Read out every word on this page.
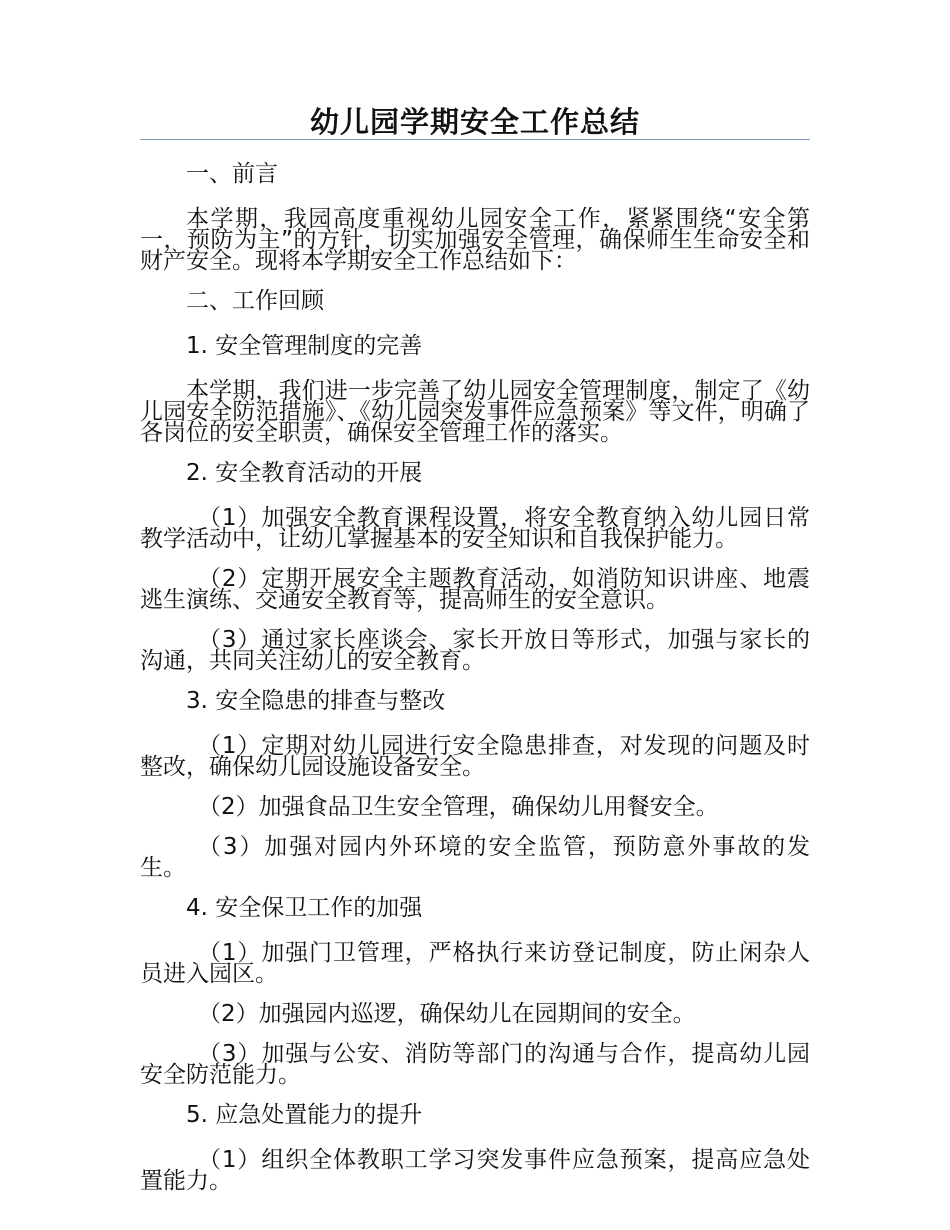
幼儿园学期安全工作总结

一、前言

本学期，我园高度重视幼儿园安全工作，紧紧围绕“安全第一，预防为主”的方针，切实加强安全管理，确保师生生命安全和财产安全。现将本学期安全工作总结如下：

二、工作回顾

1. 安全管理制度的完善

本学期，我们进一步完善了幼儿园安全管理制度，制定了《幼儿园安全防范措施》、《幼儿园突发事件应急预案》等文件，明确了各岗位的安全职责，确保安全管理工作的落实。

2. 安全教育活动的开展

（1）加强安全教育课程设置，将安全教育纳入幼儿园日常教学活动中，让幼儿掌握基本的安全知识和自我保护能力。

（2）定期开展安全主题教育活动，如消防知识讲座、地震逃生演练、交通安全教育等，提高师生的安全意识。

（3）通过家长座谈会、家长开放日等形式，加强与家长的沟通，共同关注幼儿的安全教育。

3. 安全隐患的排查与整改

（1）定期对幼儿园进行安全隐患排查，对发现的问题及时整改，确保幼儿园设施设备安全。

（2）加强食品卫生安全管理，确保幼儿用餐安全。

（3）加强对园内外环境的安全监管，预防意外事故的发生。

4. 安全保卫工作的加强

（1）加强门卫管理，严格执行来访登记制度，防止闲杂人员进入园区。

（2）加强园内巡逻，确保幼儿在园期间的安全。

（3）加强与公安、消防等部门的沟通与合作，提高幼儿园安全防范能力。

5. 应急处置能力的提升

（1）组织全体教职工学习突发事件应急预案，提高应急处置能力。
